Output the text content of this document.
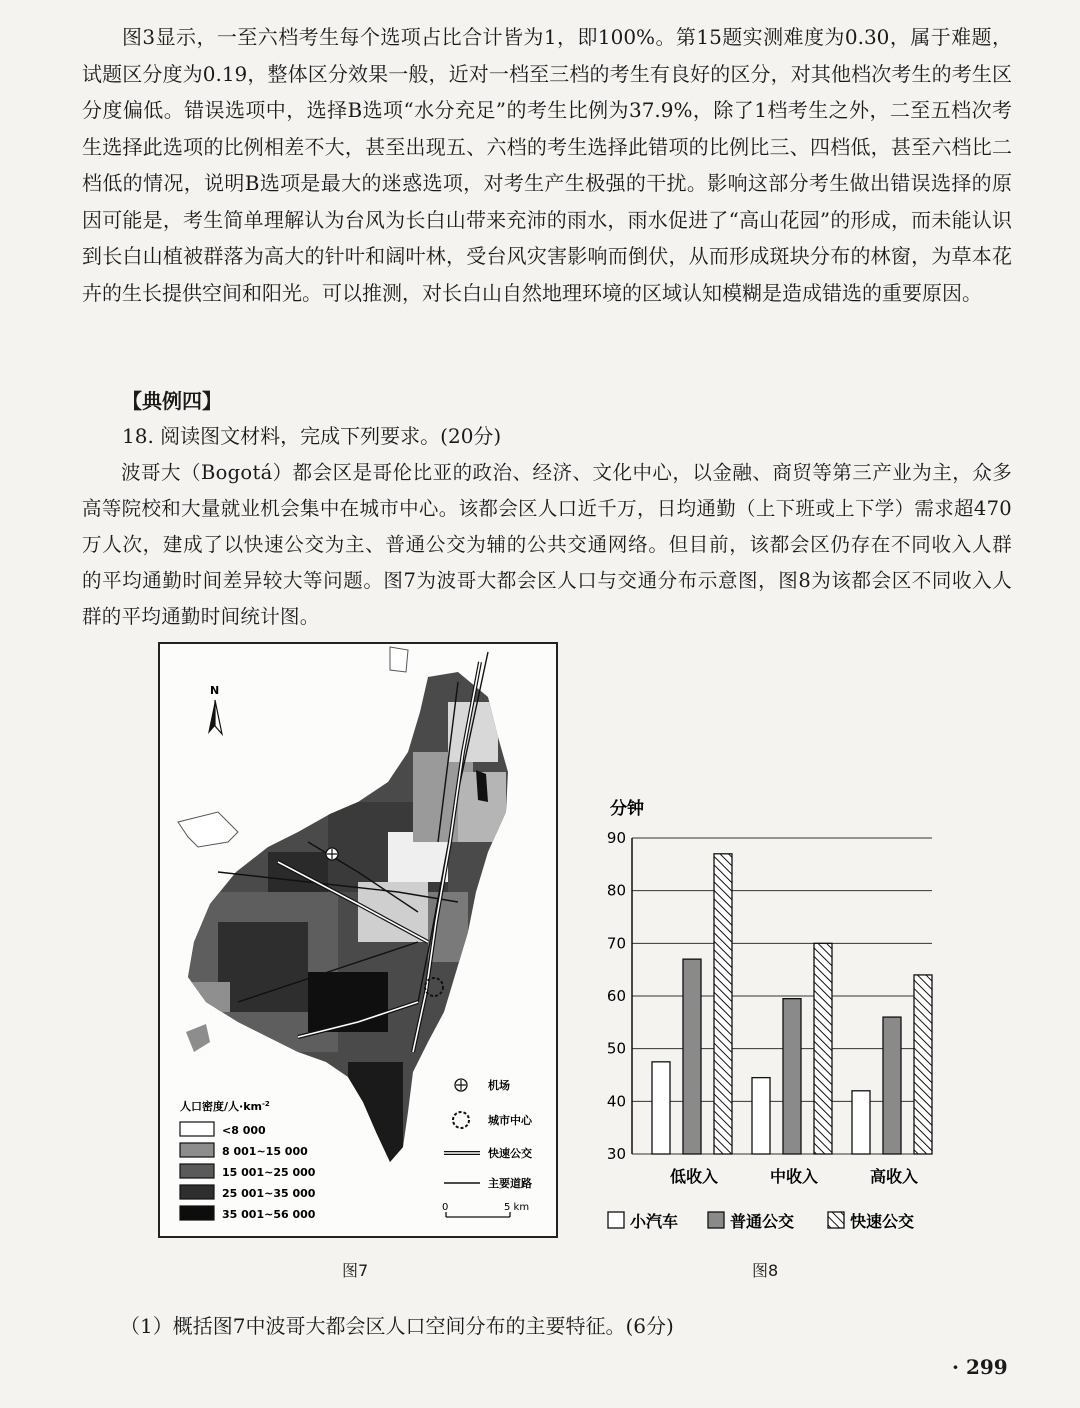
图3显示，一至六档考生每个选项占比合计皆为1，即100%。第15题实测难度为0.30，属于难题，试题区分度为0.19，整体区分效果一般，近对一档至三档的考生有良好的区分，对其他档次考生的考生区分度偏低。错误选项中，选择B选项“水分充足”的考生比例为37.9%，除了1档考生之外，二至五档次考生选择此选项的比例相差不大，甚至出现五、六档的考生选择此错项的比例比三、四档低，甚至六档比二档低的情况，说明B选项是最大的迷惑选项，对考生产生极强的干扰。影响这部分考生做出错误选择的原因可能是，考生简单理解认为台风为长白山带来充沛的雨水，雨水促进了“高山花园”的形成，而未能认识到长白山植被群落为高大的针叶和阔叶林，受台风灾害影响而倒伏，从而形成斑块分布的林窗，为草本花卉的生长提供空间和阳光。可以推测，对长白山自然地理环境的区域认知模糊是造成错选的重要原因。

【典例四】
18. 阅读图文材料，完成下列要求。(20分)

波哥大（Bogotá）都会区是哥伦比亚的政治、经济、文化中心，以金融、商贸等第三产业为主，众多高等院校和大量就业机会集中在城市中心。该都会区人口近千万，日均通勤（上下班或上下学）需求超470万人次，建成了以快速公交为主、普通公交为辅的公共交通网络。但目前，该都会区仍存在不同收入人群的平均通勤时间差异较大等问题。图7为波哥大都会区人口与交通分布示意图，图8为该都会区不同收入人群的平均通勤时间统计图。

N
人口密度/人$\cdot km^{-2}$
<8 000
8 001~15 000
15 001~25 000
25 001~35 000
35 001~56 000
机场
城市中心
快速公交
主要道路
0	5 km
图7
分钟
30
40
50
60
70
80
90
低收入	中收入	高收入
小汽车	普通公交	快速公交
图8
（1）概括图7中波哥大都会区人口空间分布的主要特征。(6分)
· 299
